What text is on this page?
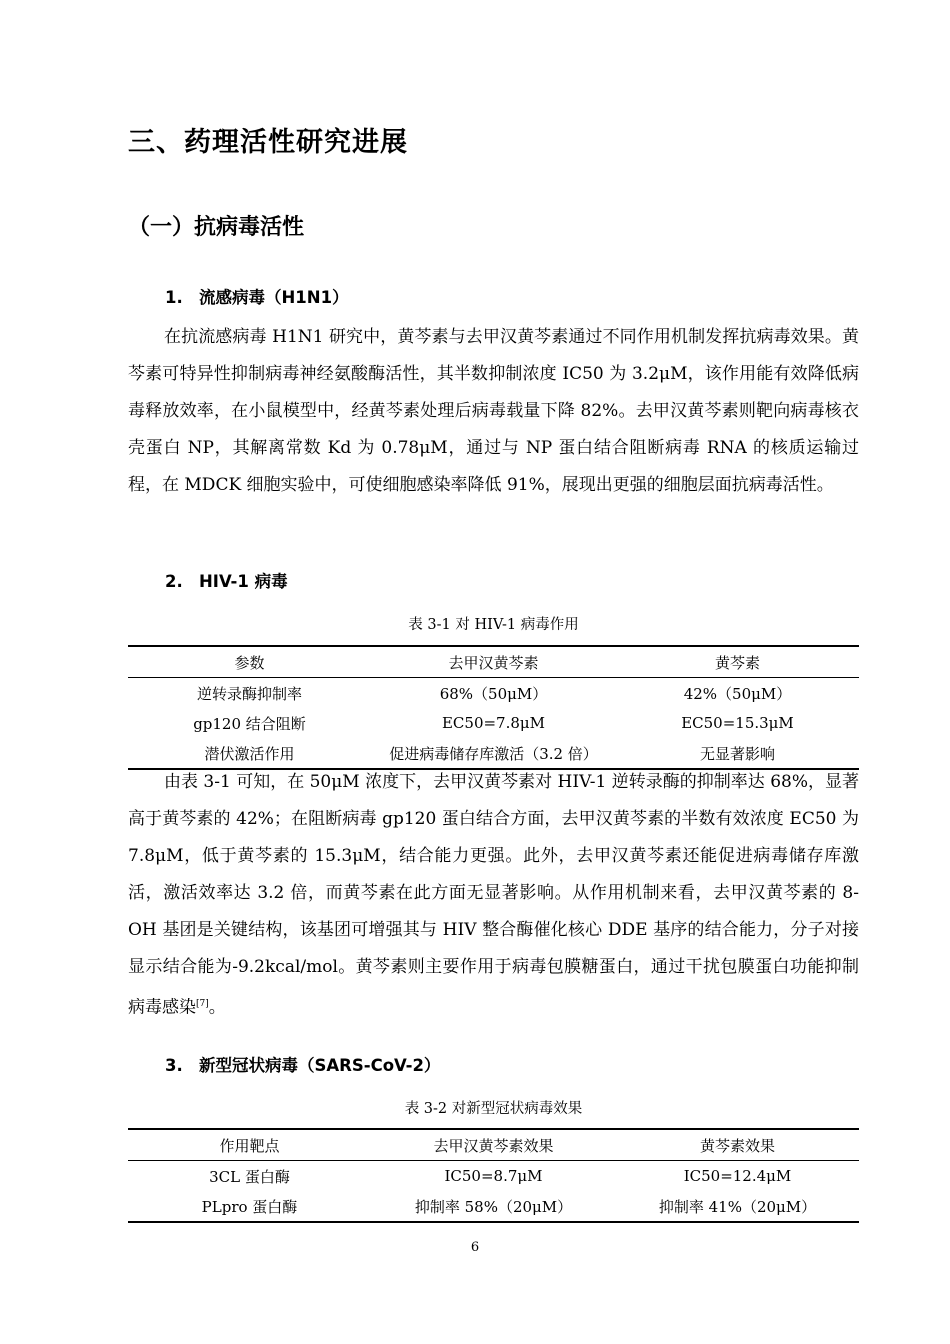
三、药理活性研究进展
（一）抗病毒活性
1. 流感病毒（H1N1）

在抗流感病毒 H1N1 研究中，黄芩素与去甲汉黄芩素通过不同作用机制发挥抗病毒效果。黄芩素可特异性抑制病毒神经氨酸酶活性，其半数抑制浓度 IC50 为 3.2μM，该作用能有效降低病毒释放效率，在小鼠模型中，经黄芩素处理后病毒载量下降 82%。去甲汉黄芩素则靶向病毒核衣壳蛋白 NP，其解离常数 Kd 为 0.78μM，通过与 NP 蛋白结合阻断病毒 RNA 的核质运输过程，在 MDCK 细胞实验中，可使细胞感染率降低 91%，展现出更强的细胞层面抗病毒活性。

2. HIV-1 病毒
表 3-1 对 HIV-1 病毒作用
参数	去甲汉黄芩素	黄芩素
逆转录酶抑制率	68%（50μM）	42%（50μM）
gp120 结合阻断	EC50=7.8μM	EC50=15.3μM
潜伏激活作用	促进病毒储存库激活（3.2 倍）	无显著影响

由表 3-1 可知，在 50μM 浓度下，去甲汉黄芩素对 HIV-1 逆转录酶的抑制率达 68%，显著高于黄芩素的 42%；在阻断病毒 gp120 蛋白结合方面，去甲汉黄芩素的半数有效浓度 EC50 为 7.8μM，低于黄芩素的 15.3μM，结合能力更强。此外，去甲汉黄芩素还能促进病毒储存库激活，激活效率达 3.2 倍，而黄芩素在此方面无显著影响。从作用机制来看，去甲汉黄芩素的 8-OH 基团是关键结构，该基团可增强其与 HIV 整合酶催化核心 DDE 基序的结合能力，分子对接显示结合能为-9.2kcal/mol。黄芩素则主要作用于病毒包膜糖蛋白，通过干扰包膜蛋白功能抑制病毒感染[7]。

3. 新型冠状病毒（SARS-CoV-2）
表 3-2 对新型冠状病毒效果
作用靶点	去甲汉黄芩素效果	黄芩素效果
3CL 蛋白酶	IC50=8.7μM	IC50=12.4μM
PLpro 蛋白酶	抑制率 58%（20μM）	抑制率 41%（20μM）
6
